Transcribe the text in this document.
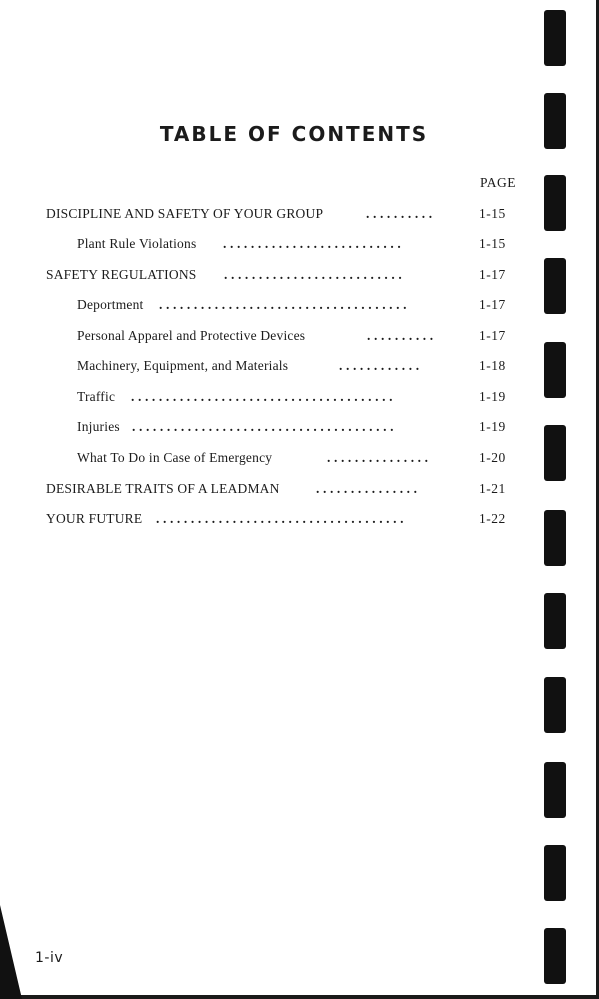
TABLE OF CONTENTS
PAGE
DISCIPLINE AND SAFETY OF YOUR GROUP	..........	1-15
Plant Rule Violations ..........................	1-15
SAFETY REGULATIONS ..........................	1-17
Deportment ....................................	1-17
Personal Apparel and Protective Devices	..........	1-17
Machinery, Equipment, and Materials	............	1-18
Traffic ......................................	1-19
Injuries ......................................	1-19
What To Do in Case of Emergency	...............	1-20
DESIRABLE TRAITS OF A LEADMAN	...............	1-21
YOUR FUTURE ....................................	1-22
1-iv
